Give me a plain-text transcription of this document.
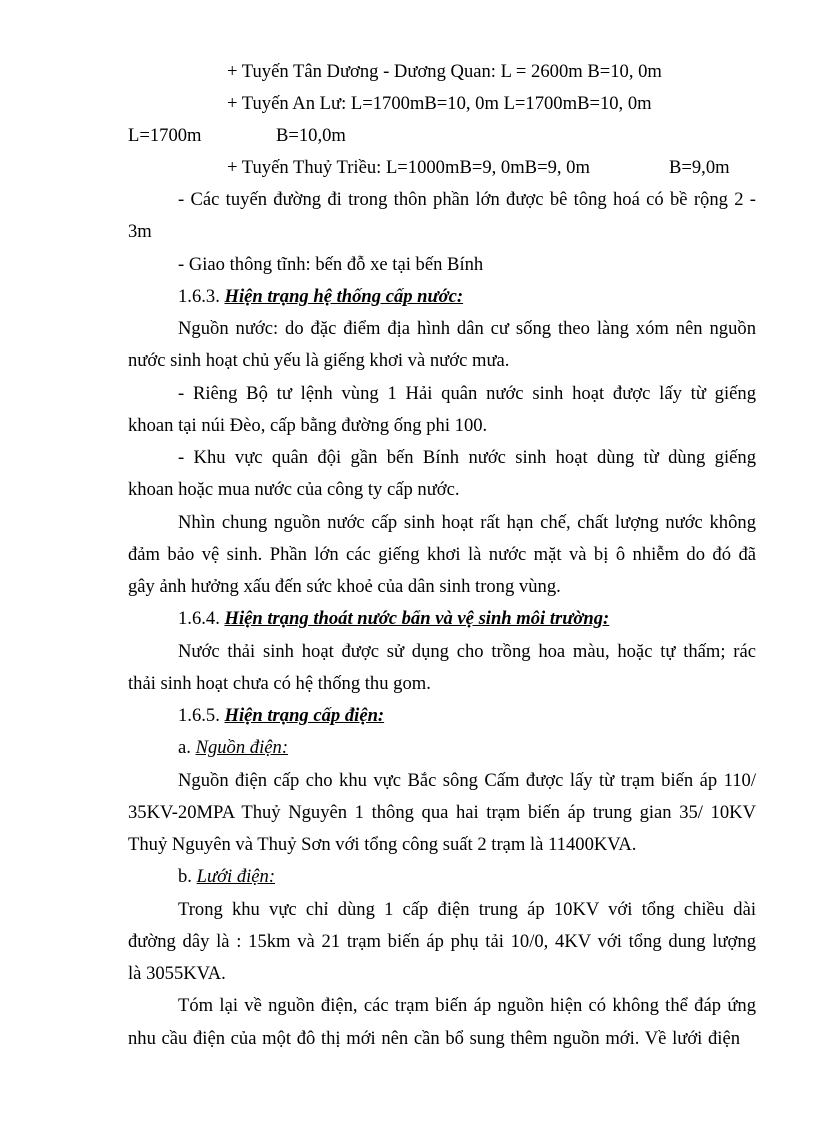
+ Tuyến Tân Dương - Dương Quan: L = 2600m B=10, 0m
+ Tuyến An Lư: L=1700mB=10, 0m L=1700mB=10, 0m
L=1700m	B=10,0m
+ Tuyến Thuỷ Triều: L=1000mB=9, 0mB=9, 0m	B=9,0m
- Các tuyến đường đi trong thôn phần lớn được bê tông hoá có bề rộng 2 -
3m
- Giao thông tĩnh: bến đỗ xe tại bến Bính
1.6.3. Hiện trạng hệ thống cấp nước:
Nguồn nước: do đặc điểm địa hình dân cư sống theo làng xóm nên nguồn
nước sinh hoạt chủ yếu là giếng khơi và nước mưa.
- Riêng Bộ tư lệnh vùng 1 Hải quân nước sinh hoạt được lấy từ giếng
khoan tại núi Đèo, cấp bằng đường ống phi 100.
- Khu vực quân đội gần bến Bính nước sinh hoạt dùng từ dùng giếng
khoan hoặc mua nước của công ty cấp nước.
Nhìn chung nguồn nước cấp sinh hoạt rất hạn chế, chất lượng nước không
đảm bảo vệ sinh. Phần lớn các giếng khơi là nước mặt và bị ô nhiễm do đó đã
gây ảnh hưởng xấu đến sức khoẻ của dân sinh trong vùng.
1.6.4. Hiện trạng thoát nước bẩn và vệ sinh môi trường:
Nước thải sinh hoạt được sử dụng cho trồng hoa màu, hoặc tự thấm; rác
thải sinh hoạt chưa có hệ thống thu gom.
1.6.5. Hiện trạng cấp điện:
a. Nguồn điện:
Nguồn điện cấp cho khu vực Bắc sông Cấm được lấy từ trạm biến áp 110/
35KV-20MPA Thuỷ Nguyên 1 thông qua hai trạm biến áp trung gian 35/ 10KV
Thuỷ Nguyên và Thuỷ Sơn với tổng công suất 2 trạm là 11400KVA.
b. Lưới điện:
Trong khu vực chỉ dùng 1 cấp điện trung áp 10KV với tổng chiều dài
đường dây là : 15km và 21 trạm biến áp phụ tải 10/0, 4KV với tổng dung lượng
là 3055KVA.
Tóm lại về nguồn điện, các trạm biến áp nguồn hiện có không thể đáp ứng
nhu cầu điện của một đô thị mới nên cần bổ sung thêm nguồn mới. Về lưới điện
